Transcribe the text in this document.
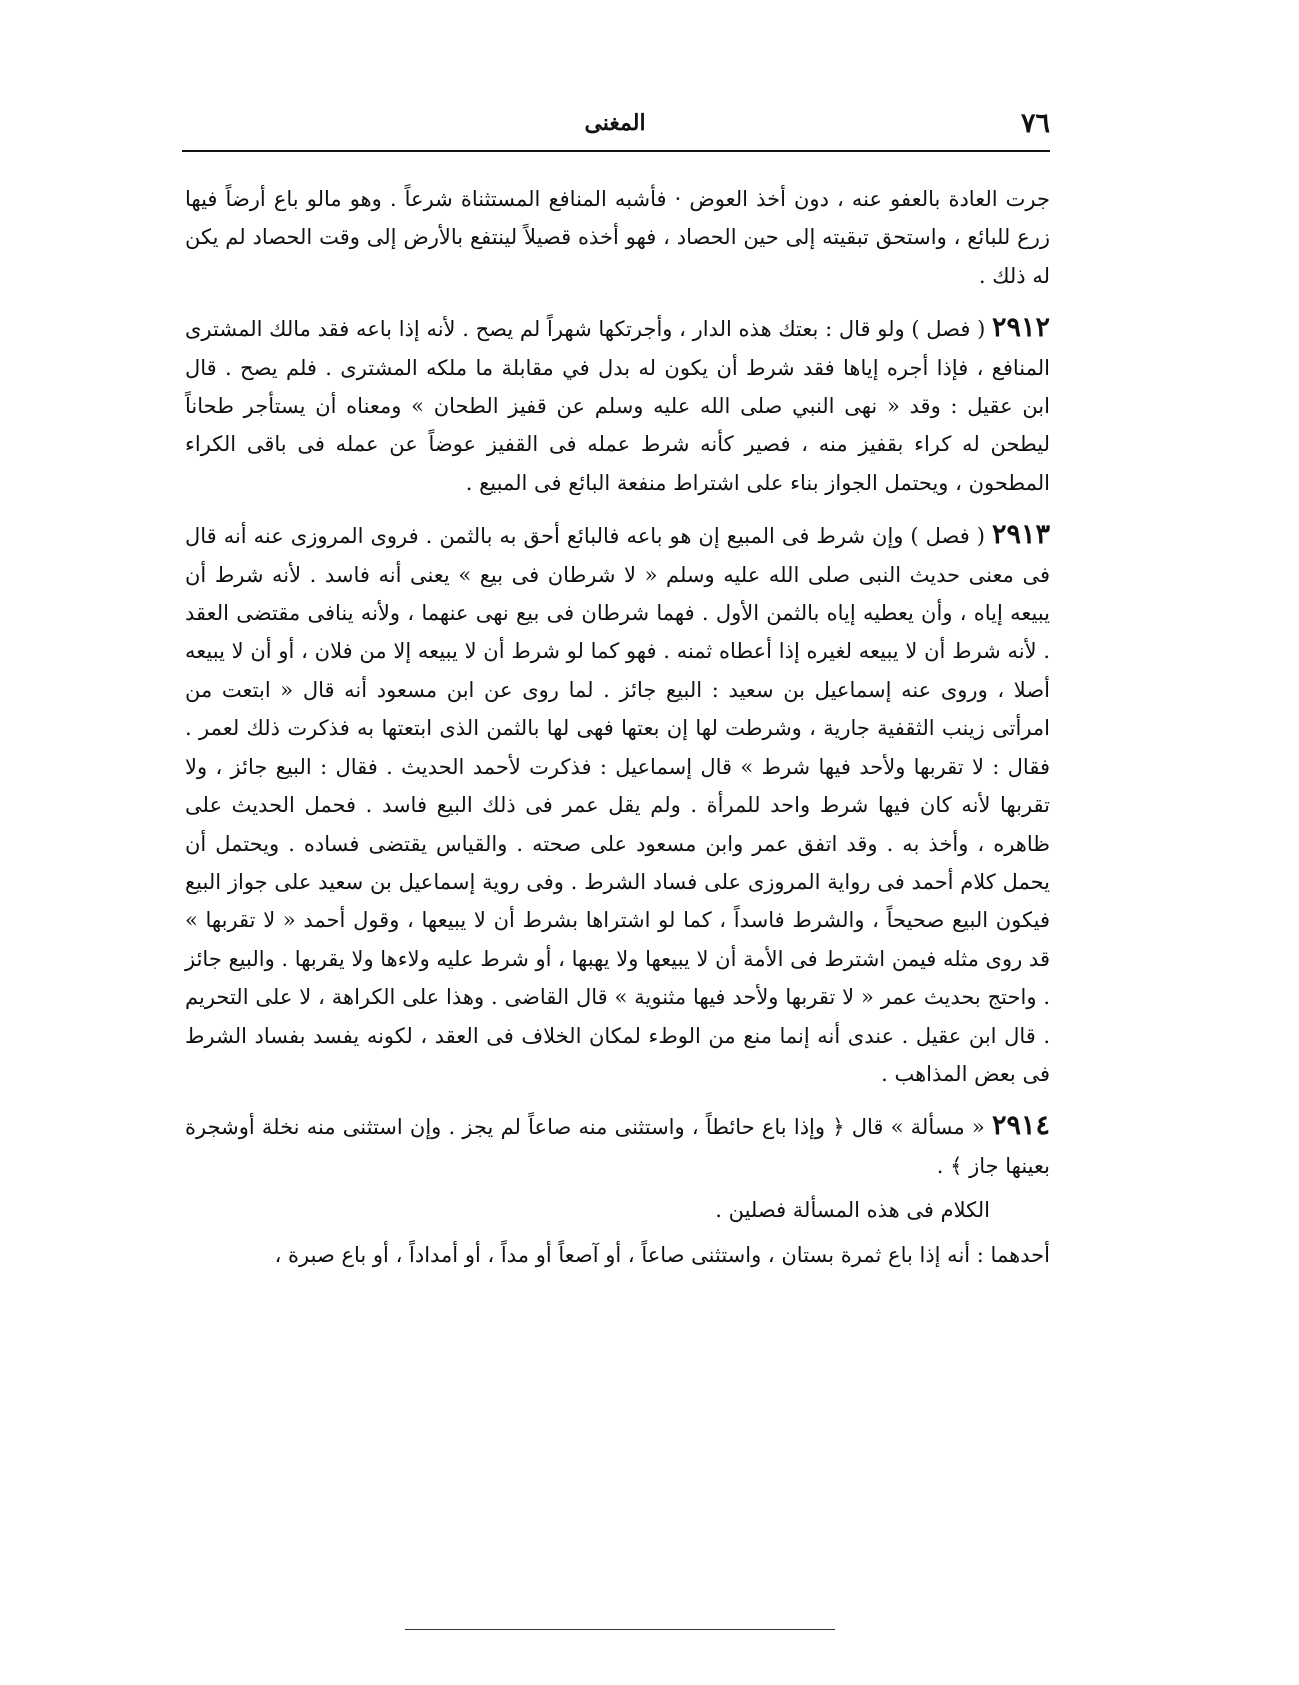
٧٦
المغنى

جرت العادة بالعفو عنه ، دون أخذ العوض · فأشبه المنافع المستثناة شرعاً . وهو مالو باع أرضاً فيها زرع للبائع ، واستحق تبقيته إلى حين الحصاد ، فهو أخذه قصيلاً لينتفع بالأرض إلى وقت الحصاد لم يكن له ذلك .

٢٩١٢ ( فصل ) ولو قال : بعتك هذه الدار ، وأجرتكها شهراً لم يصح . لأنه إذا باعه فقد مالك المشترى المنافع ، فإذا أجره إياها فقد شرط أن يكون له بدل في مقابلة ما ملكه المشترى . فلم يصح . قال ابن عقيل : وقد « نهى النبي صلى الله عليه وسلم عن قفيز الطحان » ومعناه أن يستأجر طحاناً ليطحن له كراء بقفيز منه ، فصير كأنه شرط عمله فى القفيز عوضاً عن عمله فى باقى الكراء المطحون ، ويحتمل الجواز بناء على اشتراط منفعة البائع فى المبيع .

٢٩١٣ ( فصل ) وإن شرط فى المبيع إن هو باعه فالبائع أحق به بالثمن . فروى المروزى عنه أنه قال فى معنى حديث النبى صلى الله عليه وسلم « لا شرطان فى بيع » يعنى أنه فاسد . لأنه شرط أن يبيعه إياه ، وأن يعطيه إياه بالثمن الأول . فهما شرطان فى بيع نهى عنهما ، ولأنه ينافى مقتضى العقد . لأنه شرط أن لا يبيعه لغيره إذا أعطاه ثمنه . فهو كما لو شرط أن لا يبيعه إلا من فلان ، أو أن لا يبيعه أصلا ، وروى عنه إسماعيل بن سعيد : البيع جائز . لما روى عن ابن مسعود أنه قال « ابتعت من امرأتى زينب الثقفية جارية ، وشرطت لها إن بعتها فهى لها بالثمن الذى ابتعتها به فذكرت ذلك لعمر . فقال : لا تقربها ولأحد فيها شرط » قال إسماعيل : فذكرت لأحمد الحديث . فقال : البيع جائز ، ولا تقربها لأنه كان فيها شرط واحد للمرأة . ولم يقل عمر فى ذلك البيع فاسد . فحمل الحديث على ظاهره ، وأخذ به . وقد اتفق عمر وابن مسعود على صحته . والقياس يقتضى فساده . ويحتمل أن يحمل كلام أحمد فى رواية المروزى على فساد الشرط . وفى روية إسماعيل بن سعيد على جواز البيع فيكون البيع صحيحاً ، والشرط فاسداً ، كما لو اشتراها بشرط أن لا يبيعها ، وقول أحمد « لا تقربها » قد روى مثله فيمن اشترط فى الأمة أن لا يبيعها ولا يهبها ، أو شرط عليه ولاءها ولا يقربها . والبيع جائز . واحتج بحديث عمر « لا تقربها ولأحد فيها مثنوية » قال القاضى . وهذا على الكراهة ، لا على التحريم . قال ابن عقيل . عندى أنه إنما منع من الوطء لمكان الخلاف فى العقد ، لكونه يفسد بفساد الشرط فى بعض المذاهب .

٢٩١٤ « مسألة » قال ﴿ وإذا باع حائطاً ، واستثنى منه صاعاً لم يجز . وإن استثنى منه نخلة أوشجرة بعينها جاز ﴾ .

الكلام فى هذه المسألة فصلين .

أحدهما : أنه إذا باع ثمرة بستان ، واستثنى صاعاً ، أو آصعاً أو مداً ، أو أمداداً ، أو باع صبرة ،
